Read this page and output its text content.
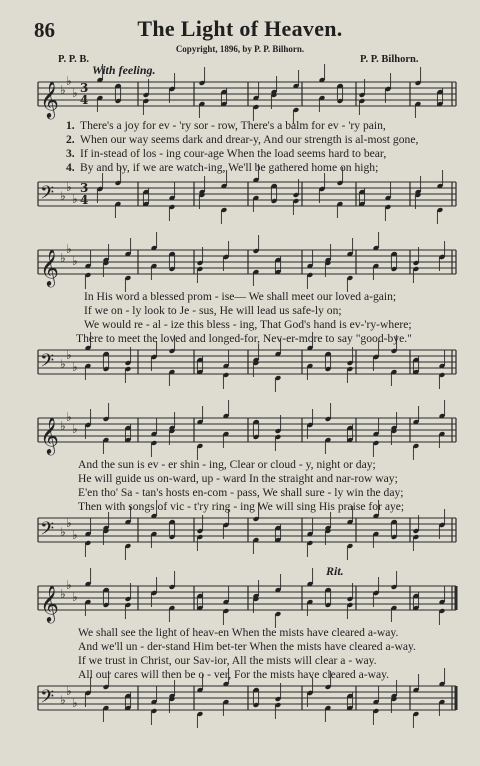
86	The Light of Heaven.
Copyright, 1896, by P. P. Bilhorn.
P. P. B.	P. P. Bilhorn.
With feeling.
Rit.
𝄞 ♭
♭
♭ 3
4
𝄢 ♭
♭
♭
3
4
𝄞 ♭
♭
♭
𝄢 ♭
♭
♭
𝄞 ♭
♭
♭
𝄢 ♭
♭
♭
𝄞 ♭
♭
♭
𝄢 ♭
♭
♭
1. There's a joy for ev - 'ry sor - row, There's a balm for ev - 'ry pain,
2. When our way seems dark and drear-y, And our strength is al-most gone,
3. If in-stead of los - ing cour-age When the load seems hard to bear,
4. By and by, if we are watch-ing, We'll be gathered home on high;
In His word a blessed prom - ise— We shall meet our loved a-gain;
If we on - ly look to Je - sus, He will lead us safe-ly on;
We would re - al - ize this bless - ing, That God's hand is ev-'ry-where;
There to meet the loved and longed-for, Nev-er-more to say "good-bye."
And the sun is ev - er shin - ing, Clear or cloud - y, night or day;
He will guide us on-ward, up - ward In the straight and nar-row way;
E'en tho' Sa - tan's hosts en-com - pass, We shall sure - ly win the day;
Then with songs of vic - t'ry ring - ing We will sing His praise for aye;
We shall see the light of heav-en When the mists have cleared a-way.
And we'll un - der-stand Him bet-ter When the mists have cleared a-way.
If we trust in Christ, our Sav-ior, All the mists will clear a - way.
All our cares will then be o - ver, For the mists have cleared a-way.
